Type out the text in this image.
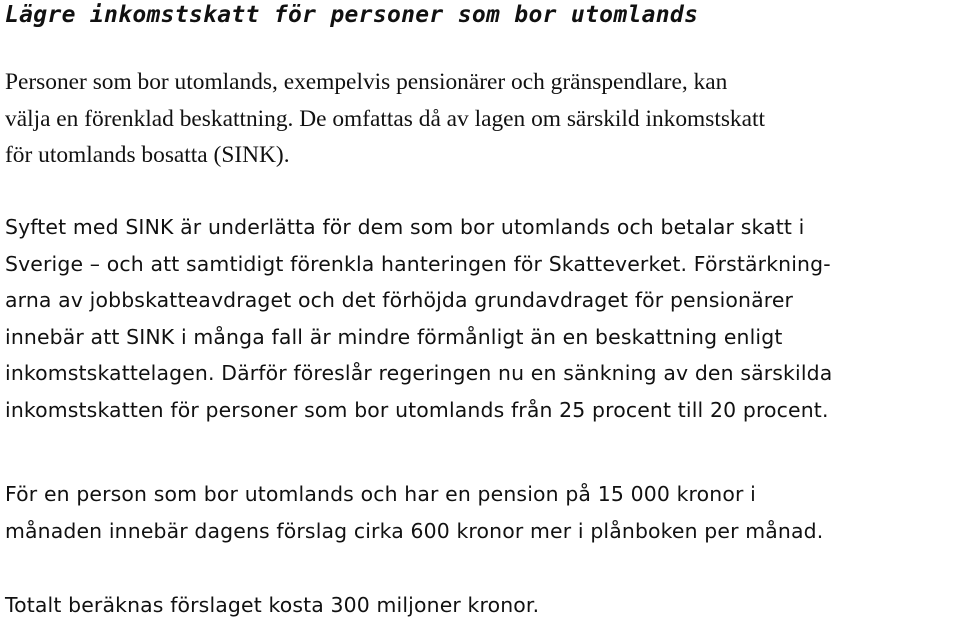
Lägre inkomstskatt för personer som bor utomlands

Personer som bor utomlands, exempelvis pensionärer och gränspendlare, kan
välja en förenklad beskattning. De omfattas då av lagen om särskild inkomstskatt
för utomlands bosatta (SINK).

Syftet med SINK är underlätta för dem som bor utomlands och betalar skatt i
Sverige – och att samtidigt förenkla hanteringen för Skatteverket. Förstärkning-
arna av jobbskatteavdraget och det förhöjda grundavdraget för pensionärer
innebär att SINK i många fall är mindre förmånligt än en beskattning enligt
inkomstskattelagen. Därför föreslår regeringen nu en sänkning av den särskilda
inkomstskatten för personer som bor utomlands från 25 procent till 20 procent.

För en person som bor utomlands och har en pension på 15 000 kronor i
månaden innebär dagens förslag cirka 600 kronor mer i plånboken per månad.

Totalt beräknas förslaget kosta 300 miljoner kronor.
